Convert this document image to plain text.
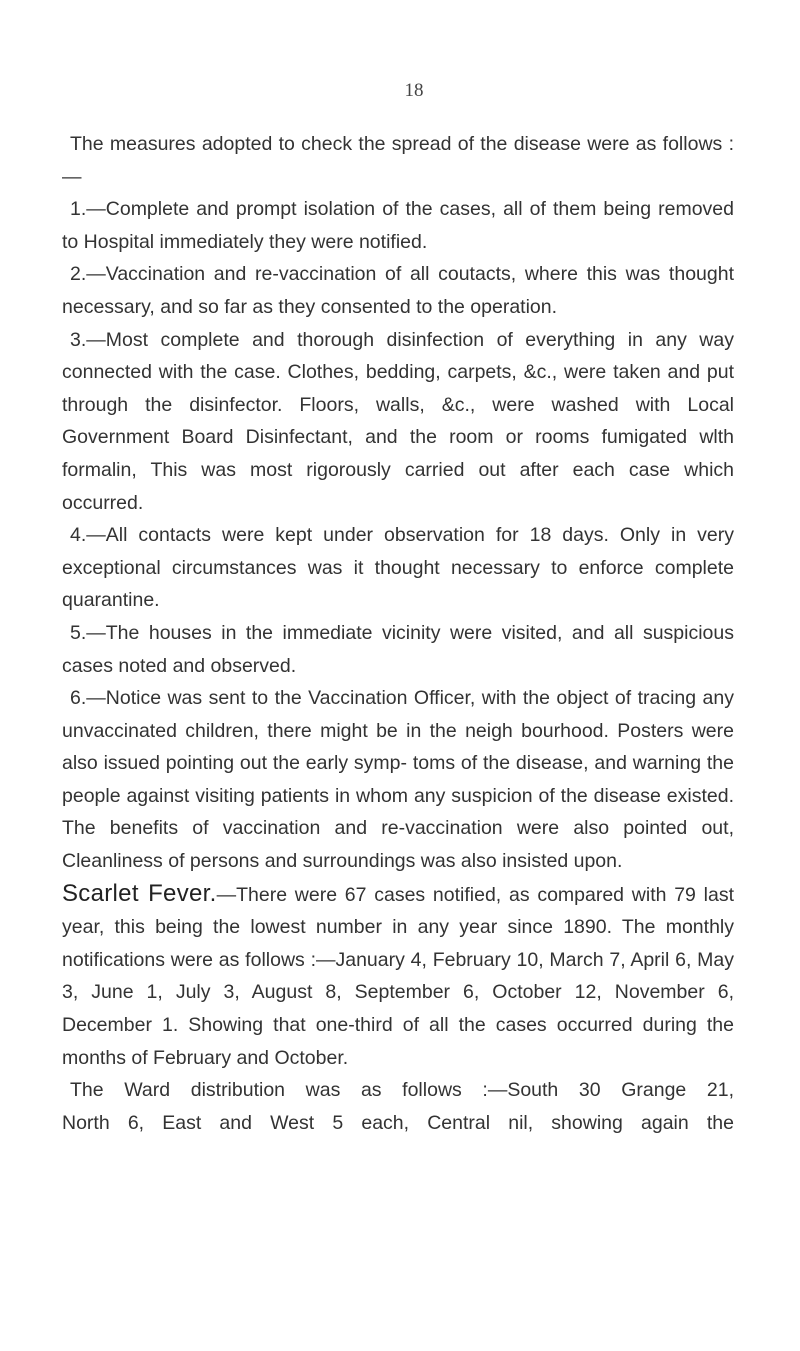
18

The measures adopted to check the spread of the disease were as follows :—

1.—Complete and prompt isolation of the cases, all of them being removed to Hospital immediately they were notified.

2.—Vaccination and re-vaccination of all coutacts, where this was thought necessary, and so far as they consented to the operation.

3.—Most complete and thorough disinfection of everything in any way connected with the case. Clothes, bedding, carpets, &c., were taken and put through the disinfector. Floors, walls, &c., were washed with Local Government Board Disinfectant, and the room or rooms fumigated wlth formalin, This was most rigorously carried out after each case which occurred.

4.—All contacts were kept under observation for 18 days. Only in very exceptional circumstances was it thought necessary to enforce complete quarantine.

5.—The houses in the immediate vicinity were visited, and all suspicious cases noted and observed.

6.—Notice was sent to the Vaccination Officer, with the object of tracing any unvaccinated children, there might be in the neigh bourhood. Posters were also issued pointing out the early symp- toms of the disease, and warning the people against visiting patients in whom any suspicion of the disease existed. The benefits of vaccination and re-vaccination were also pointed out, Cleanliness of persons and surroundings was also insisted upon.

Scarlet Fever.—There were 67 cases notified, as compared with 79 last year, this being the lowest number in any year since 1890. The monthly notifications were as follows :—January 4, February 10, March 7, April 6, May 3, June 1, July 3, August 8, September 6, October 12, November 6, December 1. Showing that one-third of all the cases occurred during the months of February and October.

The Ward distribution was as follows :—South 30 Grange 21,

North 6, East and West 5 each, Central nil, showing again the
